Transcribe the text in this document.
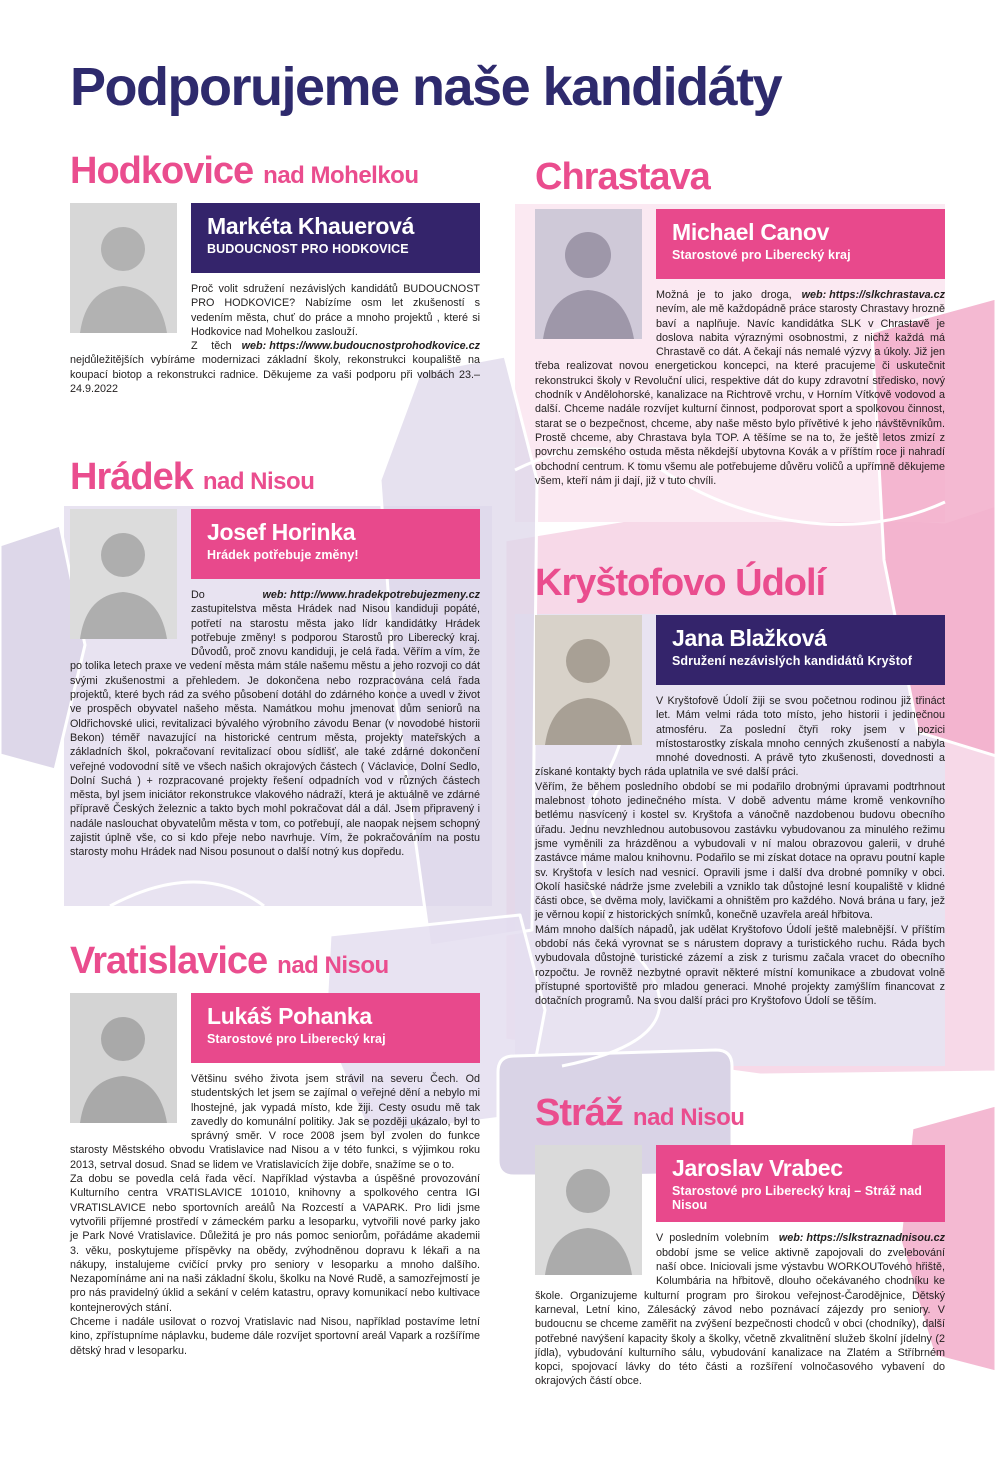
Podporujeme naše kandidáty
Hodkovice nad Mohelkou
Markéta Khauerová
BUDOUCNOST PRO HODKOVICE

Proč volit sdružení nezávislých kandidátů BUDOUCNOST PRO HODKOVICE? Nabízíme osm let zkušeností s vedením města, chuť do práce a mnoho projektů , které si Hodkovice nad Mohelkou zaslouží.

web: https://www.budoucnostprohodkovice.cz
Z těch nejdůležitějších vybíráme modernizaci základní školy, rekonstrukci koupaliště na koupací biotop a rekonstrukci radnice. Děkujeme za vaši podporu při volbách 23.– 24.9.2022

Hrádek nad Nisou
Josef Horinka
Hrádek potřebuje změny!

web: http://www.hradekpotrebujezmeny.cz
Do zastupitelstva města Hrádek nad Nisou kandiduji popáté, potřetí na starostu města jako lídr kandidátky Hrádek potřebuje změny! s podporou Starostů pro Liberecký kraj. Důvodů, proč znovu kandiduji, je celá řada. Věřím a vím, že po tolika letech praxe ve vedení města mám stále našemu městu a jeho rozvoji co dát svými zkušenostmi a přehledem. Je dokončena nebo rozpracována celá řada projektů, které bych rád za svého působení dotáhl do zdárného konce a uvedl v život ve prospěch obyvatel našeho města. Namátkou mohu jmenovat dům seniorů na Oldřichovské ulici, revitalizaci bývalého výrobního závodu Benar (v novodobé historii Bekon) téměř navazující na historické centrum města, projekty mateřských a základních škol, pokračovaní revitalizací obou sídlišť, ale také zdárné dokončení veřejné vodovodní sítě ve všech našich okrajových částech ( Václavice, Dolní Sedlo, Dolní Suchá ) + rozpracované projekty řešení odpadních vod v různých částech města, byl jsem iniciátor rekonstrukce vlakového nádraží, která je aktuálně ve zdárné přípravě Českých železnic a takto bych mohl pokračovat dál a dál. Jsem připravený i nadále naslouchat obyvatelům města v tom, co potřebují, ale naopak nejsem schopný zajistit úplně vše, co si kdo přeje nebo navrhuje. Vím, že pokračováním na postu starosty mohu Hrádek nad Nisou posunout o další notný kus dopředu.

Vratislavice nad Nisou
Lukáš Pohanka
Starostové pro Liberecký kraj

Většinu svého života jsem strávil na severu Čech. Od studentských let jsem se zajímal o veřejné dění a nebylo mi lhostejné, jak vypadá místo, kde žiji. Cesty osudu mě tak zavedly do komunální politiky. Jak se později ukázalo, byl to správný směr. V roce 2008 jsem byl zvolen do funkce starosty Městského obvodu Vratislavice nad Nisou a v této funkci, s výjimkou roku 2013, setrval dosud. Snad se lidem ve Vratislavicích žije dobře, snažíme se o to.

Za dobu se povedla celá řada věcí. Například výstavba a úspěšné provozování Kulturního centra VRATISLAVICE 101010, knihovny a spolkového centra IGI VRATISLAVICE nebo sportovních areálů Na Rozcestí a VAPARK. Pro lidi jsme vytvořili příjemné prostředí v zámeckém parku a lesoparku, vytvořili nové parky jako je Park Nové Vratislavice. Důležitá je pro nás pomoc seniorům, pořádáme akademii 3. věku, poskytujeme příspěvky na obědy, zvýhodněnou dopravu k lékaři a na nákupy, instalujeme cvičící prvky pro seniory v lesoparku a mnoho dalšího. Nezapomínáme ani na naši základní školu, školku na Nové Rudě, a samozřejmostí je pro nás pravidelný úklid a sekání v celém katastru, opravy komunikací nebo kultivace kontejnerových stání.

Chceme i nadále usilovat o rozvoj Vratislavic nad Nisou, například postavíme letní kino, zpřístupníme náplavku, budeme dále rozvíjet sportovní areál Vapark a rozšíříme dětský hrad v lesoparku.

Chrastava
Michael Canov
Starostové pro Liberecký kraj

web: https://slkchrastava.cz
Možná je to jako droga, nevím, ale mě každopádně práce starosty Chrastavy hrozně baví a naplňuje. Navíc kandidátka SLK v Chrastavě je doslova nabita výraznými osobnostmi, z nichž každá má Chrastavě co dát. A čekají nás nemalé výzvy a úkoly. Již jen třeba realizovat novou energetickou koncepci, na které pracujeme či uskutečnit rekonstrukci školy v Revoluční ulici, respektive dát do kupy zdravotní středisko, nový chodník v Andělohorské, kanalizace na Richtrově vrchu, v Horním Vítkově vodovod a další. Chceme nadále rozvíjet kulturní činnost, podporovat sport a spolkovou činnost, starat se o bezpečnost, chceme, aby naše město bylo přívětivé k jeho návštěvníkům. Prostě chceme, aby Chrastava byla TOP. A těšíme se na to, že ještě letos zmizí z povrchu zemského ostuda města někdejší ubytovna Kovák a v příštím roce ji nahradí obchodní centrum. K tomu všemu ale potřebujeme důvěru voličů a upřímně děkujeme všem, kteří nám ji dají, již v tuto chvíli.

Kryštofovo Údolí
Jana Blažková
Sdružení nezávislých kandidátů Kryštof

V Kryštofově Údolí žiji se svou početnou rodinou již třináct let. Mám velmi ráda toto místo, jeho historii i jedinečnou atmosféru. Za poslední čtyři roky jsem v pozici místostarostky získala mnoho cenných zkušeností a nabyla mnohé dovednosti. A právě tyto zkušenosti, dovednosti a získané kontakty bych ráda uplatnila ve své další práci.

Věřím, že během posledního období se mi podařilo drobnými úpravami podtrhnout malebnost tohoto jedinečného místa. V době adventu máme kromě venkovního betlému nasvícený i kostel sv. Kryštofa a vánočně nazdobenou budovu obecního úřadu. Jednu nevzhlednou autobusovou zastávku vybudovanou za minulého režimu jsme vyměnili za hrázděnou a vybudovali v ní malou obrazovou galerii, v druhé zastávce máme malou knihovnu. Podařilo se mi získat dotace na opravu poutní kaple sv. Kryštofa v lesích nad vesnicí. Opravili jsme i další dva drobné pomníky v obci. Okolí hasičské nádrže jsme zvelebili a vzniklo tak důstojné lesní koupaliště v klidné části obce, se dvěma moly, lavičkami a ohništěm pro každého. Nová brána u fary, jež je věrnou kopií z historických snímků, konečně uzavřela areál hřbitova.

Mám mnoho dalších nápadů, jak udělat Kryštofovo Údolí ještě malebnější. V příštím období nás čeká vyrovnat se s nárustem dopravy a turistického ruchu. Ráda bych vybudovala důstojné turistické zázemí a zisk z turismu začala vracet do obecního rozpočtu. Je rovněž nezbytné opravit některé místní komunikace a zbudovat volně přístupné sportoviště pro mladou generaci. Mnohé projekty zamýšlím financovat z dotačních programů. Na svou další práci pro Kryštofovo Údolí se těším.

Stráž nad Nisou
Jaroslav Vrabec
Starostové pro Liberecký kraj – Stráž nad Nisou

web: https://slkstraznadnisou.cz
V posledním volebním období jsme se velice aktivně zapojovali do zvelebování naší obce. Iniciovali jsme výstavbu WORKOUTového hřiště, Kolumbária na hřbitově, dlouho očekávaného chodníku ke škole. Organizujeme kulturní program pro širokou veřejnost-Čarodějnice, Dětský karneval, Letní kino, Zálesácký závod nebo poznávací zájezdy pro seniory. V budoucnu se chceme zaměřit na zvýšení bezpečnosti chodců v obci (chodníky), další potřebné navýšení kapacity školy a školky, včetně zkvalitnění služeb školní jídelny (2 jídla), vybudování kulturního sálu, vybudování kanalizace na Zlatém a Stříbrném kopci, spojovací lávky do této části a rozšíření volnočasového vybavení do okrajových částí obce.
